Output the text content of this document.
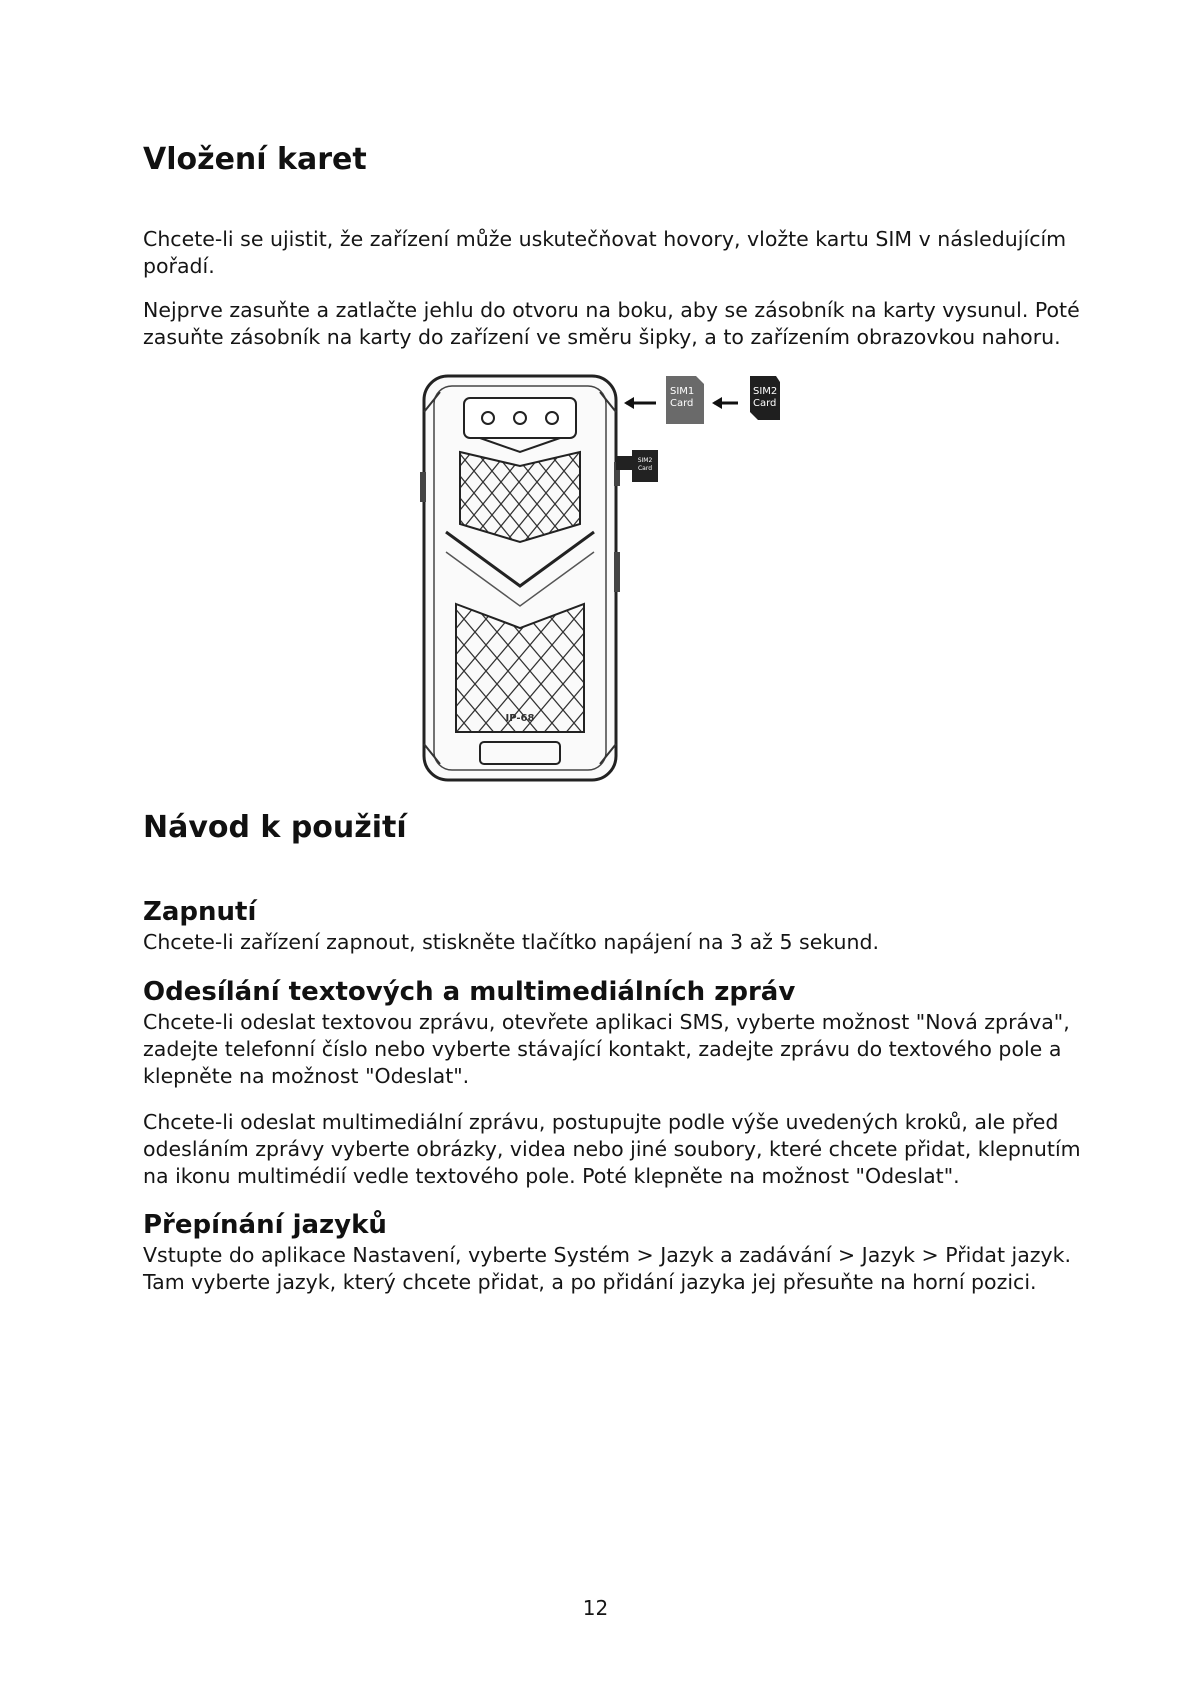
Vložení karet

Chcete-li se ujistit, že zařízení může uskutečňovat hovory, vložte kartu SIM v následujícím pořadí.

Nejprve zasuňte a zatlačte jehlu do otvoru na boku, aby se zásobník na karty vysunul. Poté zasuňte zásobník na karty do zařízení ve směru šipky, a to zařízením obrazovkou nahoru.

IP-68
SIM2
Card
SIM1
Card
SIM2
Card
Návod k použití
Zapnutí

Chcete-li zařízení zapnout, stiskněte tlačítko napájení na 3 až 5 sekund.

Odesílání textových a multimediálních zpráv

Chcete-li odeslat textovou zprávu, otevřete aplikaci SMS, vyberte možnost "Nová zpráva", zadejte telefonní číslo nebo vyberte stávající kontakt, zadejte zprávu do textového pole a klepněte na možnost "Odeslat".

Chcete-li odeslat multimediální zprávu, postupujte podle výše uvedených kroků, ale před odesláním zprávy vyberte obrázky, videa nebo jiné soubory, které chcete přidat, klepnutím na ikonu multimédií vedle textového pole. Poté klepněte na možnost "Odeslat".

Přepínání jazyků

Vstupte do aplikace Nastavení, vyberte Systém > Jazyk a zadávání > Jazyk > Přidat jazyk. Tam vyberte jazyk, který chcete přidat, a po přidání jazyka jej přesuňte na horní pozici.

12
